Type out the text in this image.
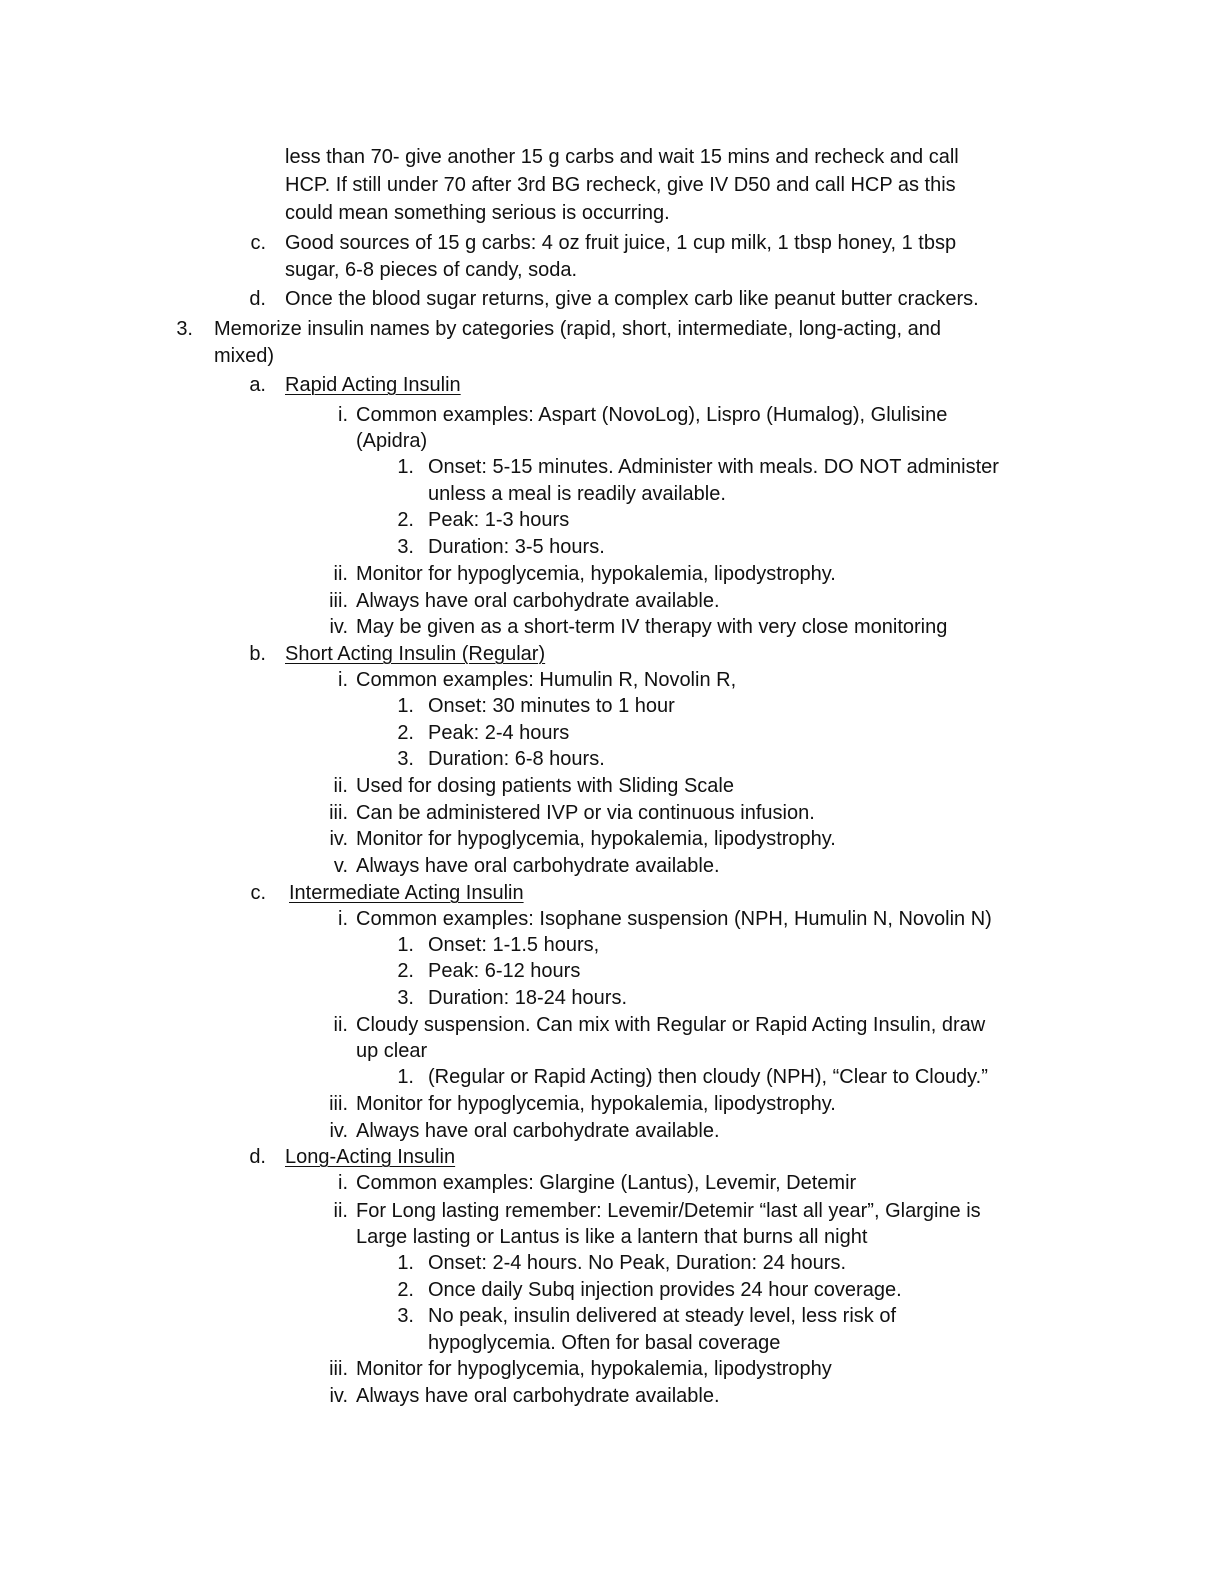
less than 70- give another 15 g carbs and wait 15 mins and recheck and call
HCP. If still under 70 after 3rd BG recheck, give IV D50 and call HCP as this
could mean something serious is occurring.
c. Good sources of 15 g carbs: 4 oz fruit juice, 1 cup milk, 1 tbsp honey, 1 tbsp
sugar, 6-8 pieces of candy, soda.
d. Once the blood sugar returns, give a complex carb like peanut butter crackers.
3. Memorize insulin names by categories (rapid, short, intermediate, long-acting, and
mixed)
a. Rapid Acting Insulin
i. Common examples: Aspart (NovoLog), Lispro (Humalog), Glulisine
(Apidra)
1. Onset: 5-15 minutes. Administer with meals. DO NOT administer
unless a meal is readily available.
2. Peak: 1-3 hours
3. Duration: 3-5 hours.
ii. Monitor for hypoglycemia, hypokalemia, lipodystrophy.
iii. Always have oral carbohydrate available.
iv. May be given as a short-term IV therapy with very close monitoring
b. Short Acting Insulin (Regular)
i. Common examples: Humulin R, Novolin R,
1. Onset: 30 minutes to 1 hour
2. Peak: 2-4 hours
3. Duration: 6-8 hours.
ii. Used for dosing patients with Sliding Scale
iii. Can be administered IVP or via continuous infusion.
iv. Monitor for hypoglycemia, hypokalemia, lipodystrophy.
v. Always have oral carbohydrate available.
c. Intermediate Acting Insulin
i. Common examples: Isophane suspension (NPH, Humulin N, Novolin N)
1. Onset: 1-1.5 hours,
2. Peak: 6-12 hours
3. Duration: 18-24 hours.
ii. Cloudy suspension. Can mix with Regular or Rapid Acting Insulin, draw
up clear
1. (Regular or Rapid Acting) then cloudy (NPH), “Clear to Cloudy.”
iii. Monitor for hypoglycemia, hypokalemia, lipodystrophy.
iv. Always have oral carbohydrate available.
d. Long-Acting Insulin
i. Common examples: Glargine (Lantus), Levemir, Detemir
ii. For Long lasting remember: Levemir/Detemir “last all year”, Glargine is
Large lasting or Lantus is like a lantern that burns all night
1. Onset: 2-4 hours. No Peak, Duration: 24 hours.
2. Once daily Subq injection provides 24 hour coverage.
3. No peak, insulin delivered at steady level, less risk of
hypoglycemia. Often for basal coverage
iii. Monitor for hypoglycemia, hypokalemia, lipodystrophy
iv. Always have oral carbohydrate available.
